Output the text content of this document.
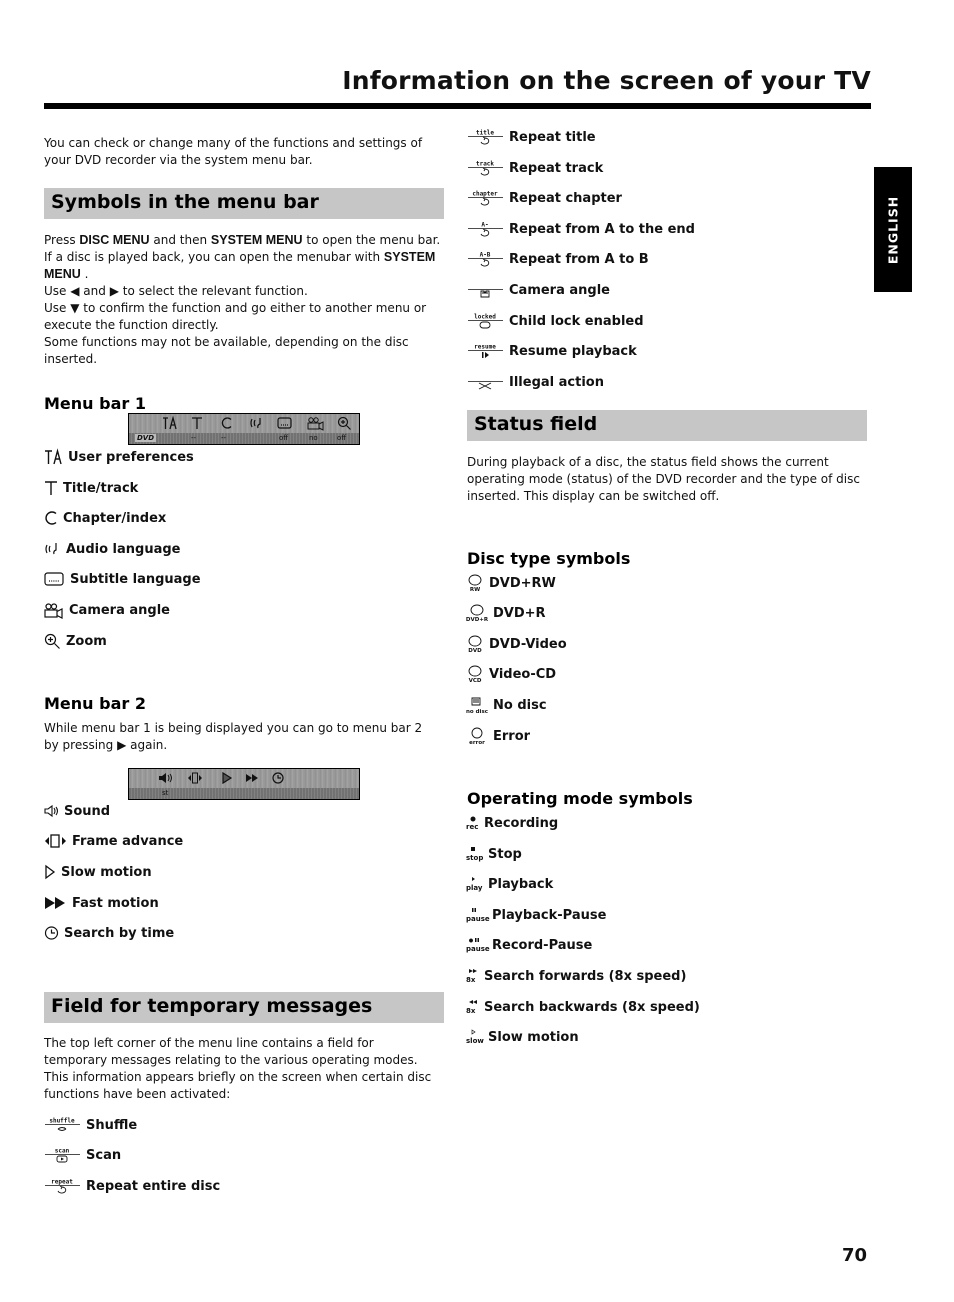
Information on the screen of your TV
ENGLISH
You can check or change many of the functions and settings of your DVD recorder via the system menu bar.
Symbols in the menu bar
Press DISC MENU and then SYSTEM MENU to open the menu bar. If a disc is played back, you can open the menubar with SYSTEM MENU .
Use ◀ and ▶ to select the relevant function.
Use ▼ to confirm the function and go either to another menu or execute the function directly.
Some functions may not be available, depending on the disc inserted.
Menu bar 1
DVD	--	--	off	no	off
User preferences
Title/track
Chapter/index
Audio language
Subtitle language
Camera angle
Zoom
Menu bar 2
While menu bar 1 is being displayed you can go to menu bar 2 by pressing ▶ again.
st
Sound
Frame advance
Slow motion
Fast motion
Search by time
Field for temporary messages
The top left corner of the menu line contains a field for temporary messages relating to the various operating modes. This information appears briefly on the screen when certain disc functions have been activated:
shuffle Shuffle
scan Scan
repeat Repeat entire disc
title Repeat title
track Repeat track
chapter Repeat chapter
A- Repeat from A to the end
A-B Repeat from A to B
Camera angle
locked Child lock enabled
resume Resume playback
Illegal action
Status field
During playback of a disc, the status field shows the current operating mode (status) of the DVD recorder and the type of disc inserted. This display can be switched off.
Disc type symbols
RW DVD+RW
DVD+R DVD+R
DVD DVD-Video
VCD Video-CD
no disc No disc
error Error
Operating mode symbols
rec Recording
stop Stop
play Playback
pause Playback-Pause
pause Record-Pause
8x Search forwards (8x speed)
8x Search backwards (8x speed)
slow Slow motion
70
